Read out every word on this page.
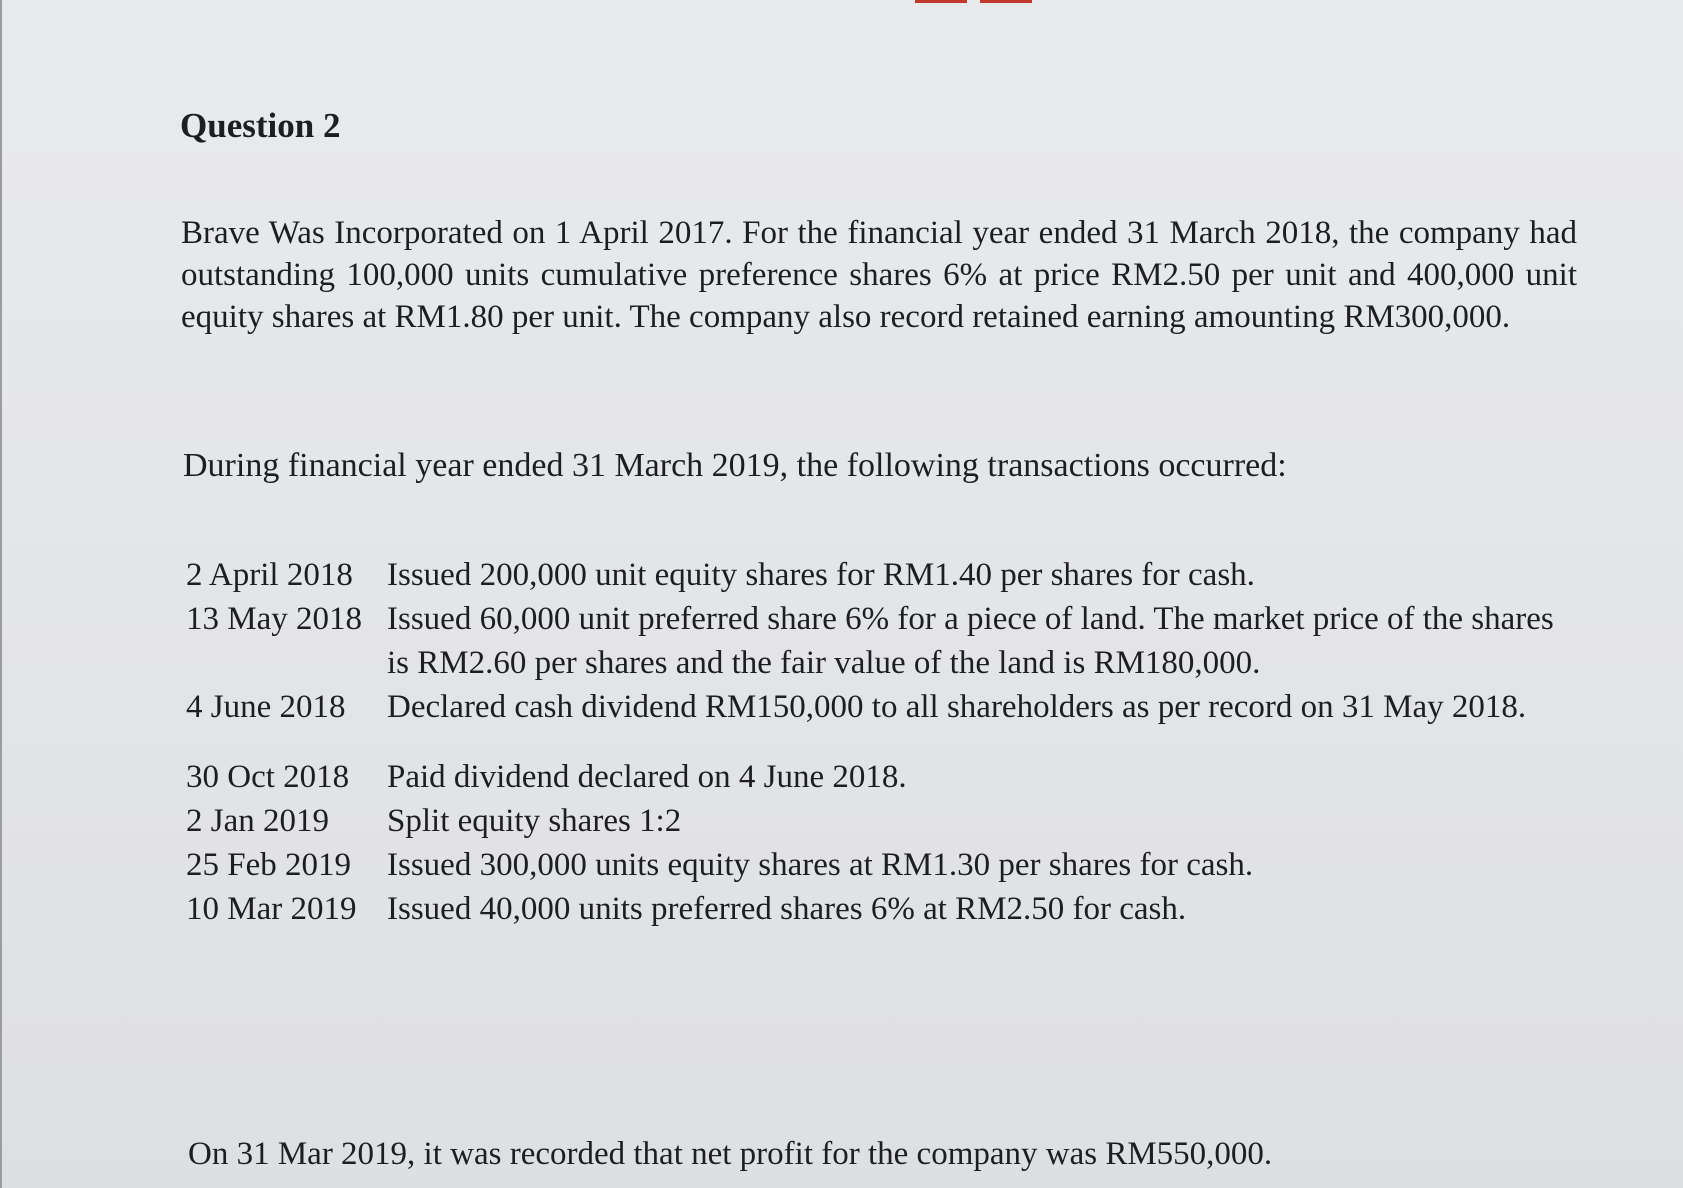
Question 2

Brave Was Incorporated on 1 April 2017. For the financial year ended 31 March 2018, the company had outstanding 100,000 units cumulative preference shares 6% at price RM2.50 per unit and 400,000 unit equity shares at RM1.80 per unit. The company also record retained earning amounting RM300,000.

During financial year ended 31 March 2019, the following transactions occurred:

2 April 2018	Issued 200,000 unit equity shares for RM1.40 per shares for cash.
13 May 2018 Issued 60,000 unit preferred share 6% for a piece of land. The market price of the shares is RM2.60 per shares and the fair value of the land is RM180,000.
4 June 2018	Declared cash dividend RM150,000 to all shareholders as per record on 31 May 2018.
30 Oct 2018	Paid dividend declared on 4 June 2018.
2 Jan 2019	Split equity shares 1:2
25 Feb 2019	Issued 300,000 units equity shares at RM1.30 per shares for cash.
10 Mar 2019 Issued 40,000 units preferred shares 6% at RM2.50 for cash.

On 31 Mar 2019, it was recorded that net profit for the company was RM550,000.
